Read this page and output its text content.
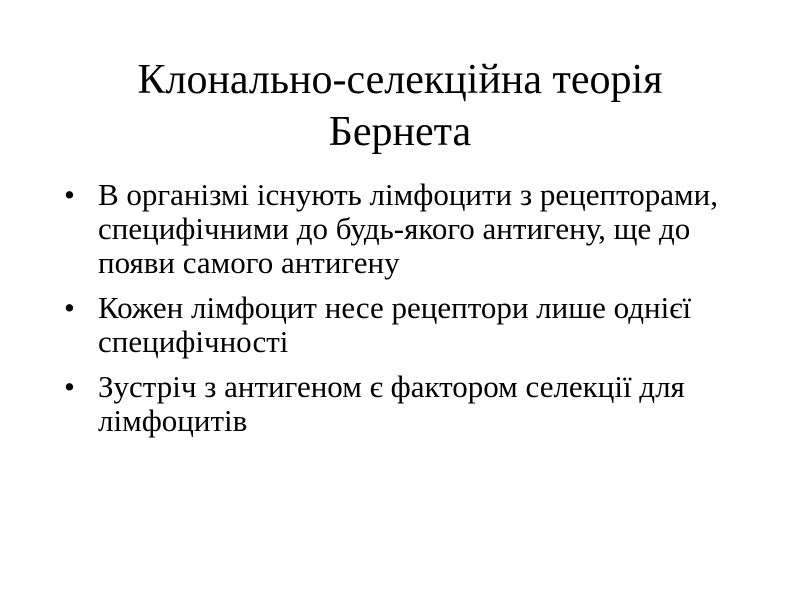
Клонально-селекційна теорія
Бернета
• В організмі існують лімфоцити з рецепторами, специфічними до будь-якого антигену, ще до появи самого антигену
• Кожен лімфоцит несе рецептори лише однієї специфічності
• Зустріч з антигеном є фактором селекції для лімфоцитів
